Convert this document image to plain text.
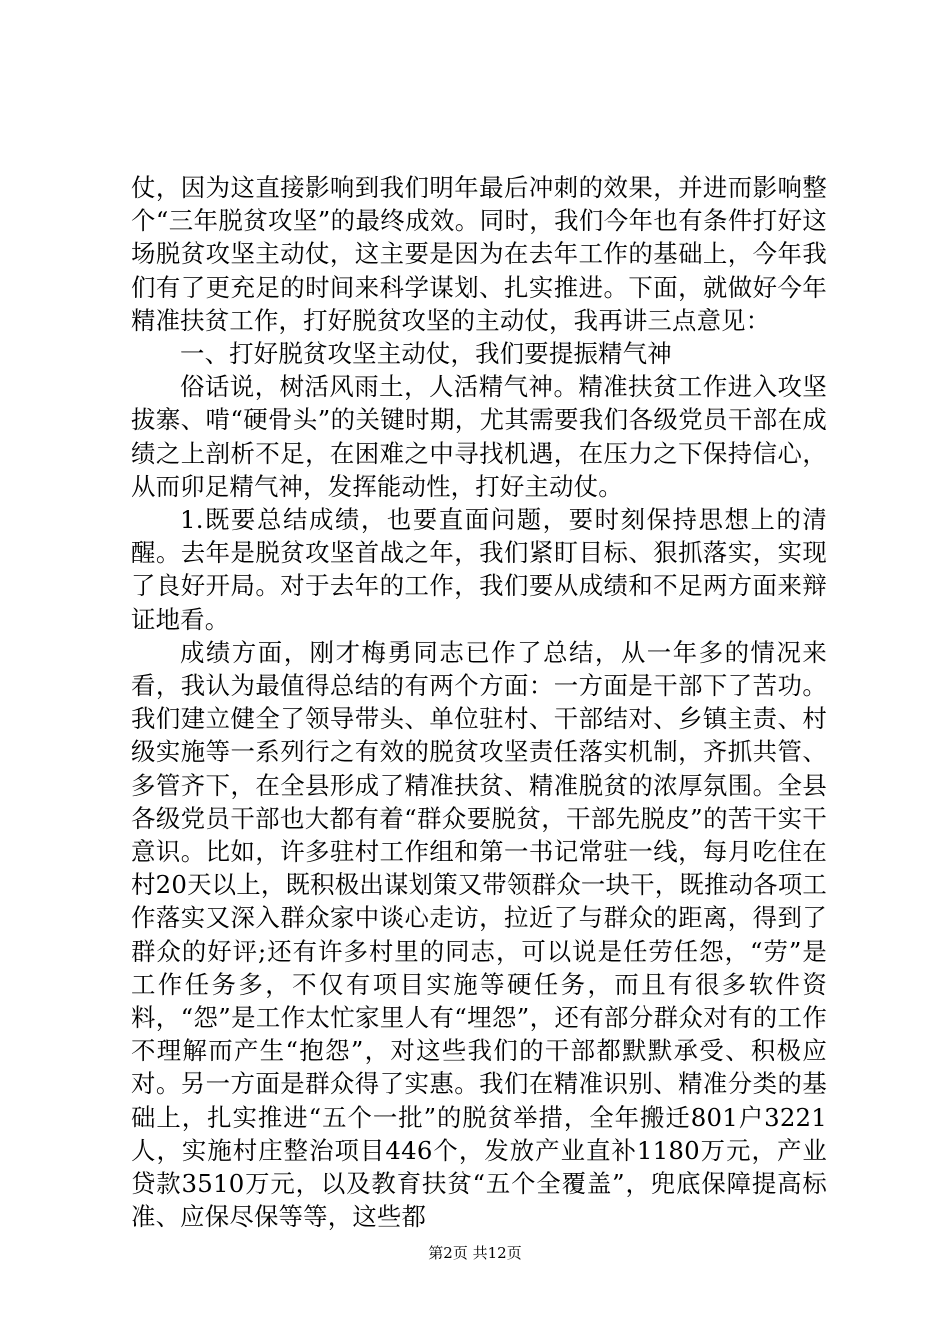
仗，因为这直接影响到我们明年最后冲刺的效果，并进而影响整个“三年脱贫攻坚”的最终成效。同时，我们今年也有条件打好这场脱贫攻坚主动仗，这主要是因为在去年工作的基础上，今年我们有了更充足的时间来科学谋划、扎实推进。下面，就做好今年精准扶贫工作，打好脱贫攻坚的主动仗，我再讲三点意见：

一、打好脱贫攻坚主动仗，我们要提振精气神

俗话说，树活风雨土，人活精气神。精准扶贫工作进入攻坚拔寨、啃“硬骨头”的关键时期，尤其需要我们各级党员干部在成绩之上剖析不足，在困难之中寻找机遇，在压力之下保持信心，从而卯足精气神，发挥能动性，打好主动仗。

1.既要总结成绩，也要直面问题，要时刻保持思想上的清醒。去年是脱贫攻坚首战之年，我们紧盯目标、狠抓落实，实现了良好开局。对于去年的工作，我们要从成绩和不足两方面来辩证地看。

成绩方面，刚才梅勇同志已作了总结，从一年多的情况来看，我认为最值得总结的有两个方面：一方面是干部下了苦功。我们建立健全了领导带头、单位驻村、干部结对、乡镇主责、村级实施等一系列行之有效的脱贫攻坚责任落实机制，齐抓共管、多管齐下，在全县形成了精准扶贫、精准脱贫的浓厚氛围。全县各级党员干部也大都有着“群众要脱贫，干部先脱皮”的苦干实干意识。比如，许多驻村工作组和第一书记常驻一线，每月吃住在村20天以上，既积极出谋划策又带领群众一块干，既推动各项工作落实又深入群众家中谈心走访，拉近了与群众的距离，得到了群众的好评;还有许多村里的同志，可以说是任劳任怨，“劳”是工作任务多，不仅有项目实施等硬任务，而且有很多软件资料，“怨”是工作太忙家里人有“埋怨”，还有部分群众对有的工作不理解而产生“抱怨”，对这些我们的干部都默默承受、积极应对。另一方面是群众得了实惠。我们在精准识别、精准分类的基础上，扎实推进“五个一批”的脱贫举措，全年搬迁801户3221人，实施村庄整治项目446个，发放产业直补1180万元，产业贷款3510万元，以及教育扶贫“五个全覆盖”，兜底保障提高标准、应保尽保等等，这些都

第2页 共12页
